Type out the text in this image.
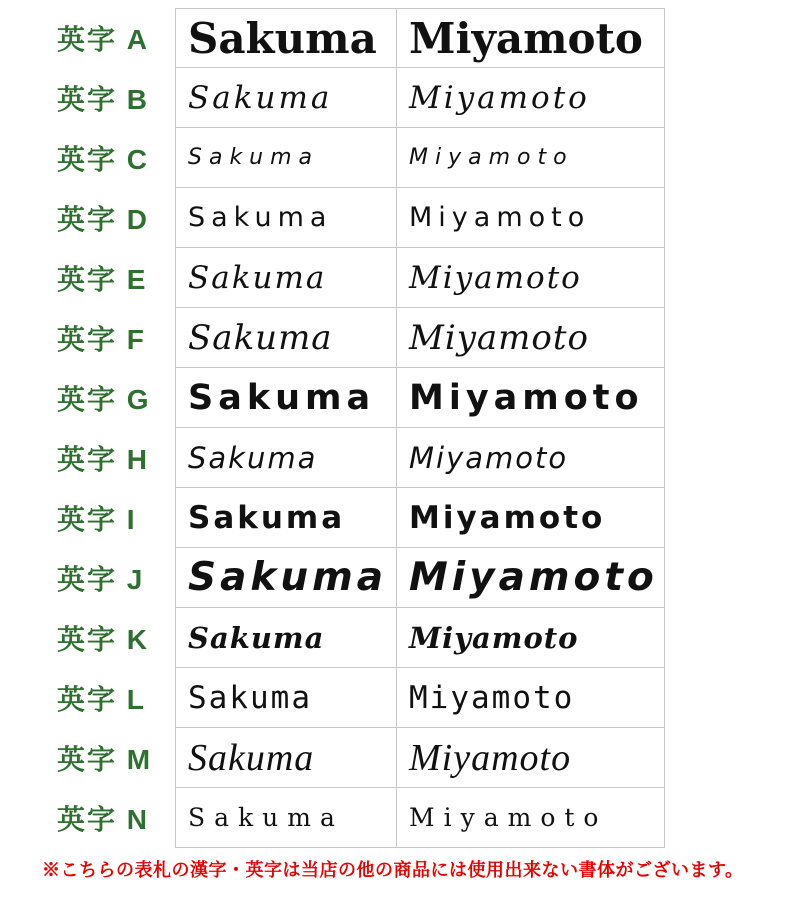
英字 A Sakuma Miyamoto
英字 B	Sakuma	Miyamoto
英字 C	Sakuma	Miyamoto
英字 D	Sakuma	Miyamoto
英字 E	Sakuma	Miyamoto
英字 F	Sakuma	Miyamoto
英字 G	Sakuma Miyamoto
英字 H	Sakuma	Miyamoto
英字 I	Sakuma	Miyamoto
英字 J	Sakuma Miyamoto
英字 K	Sakuma	Miyamoto
英字 L	Sakuma	Miyamoto
英字 M Sakuma	Miyamoto
英字 N	Sakuma	Miyamoto
※こちらの表札の漢字・英字は当店の他の商品には使用出来ない書体がございます。
